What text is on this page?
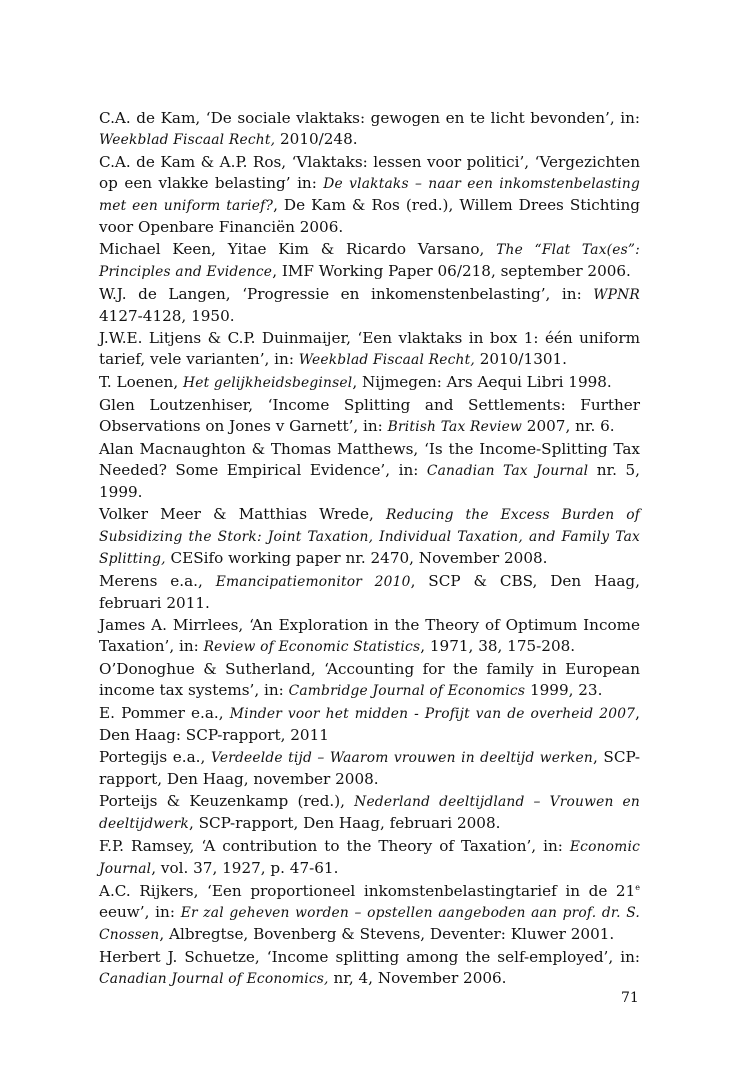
C.A. de Kam, ‘De sociale vlaktaks: gewogen en te licht bevonden’, in: Weekblad Fiscaal Recht, 2010/248.

C.A. de Kam & A.P. Ros, ‘Vlaktaks: lessen voor politici’, ‘Vergezichten op een vlakke belasting’ in: De vlaktaks – naar een inkomstenbelasting met een uniform tarief?, De Kam & Ros (red.), Willem Drees Stichting voor Openbare Financiën 2006.

Michael Keen, Yitae Kim & Ricardo Varsano, The “Flat Tax(es”: Principles and Evidence, IMF Working Paper 06/218, september 2006.

W.J. de Langen, ‘Progressie en inkomenstenbelasting’, in: WPNR 4127-4128, 1950.

J.W.E. Litjens & C.P. Duinmaijer, ‘Een vlaktaks in box 1: één uniform tarief, vele varianten’, in: Weekblad Fiscaal Recht, 2010/1301.

T. Loenen, Het gelijkheidsbeginsel, Nijmegen: Ars Aequi Libri 1998.

Glen Loutzenhiser, ‘Income Splitting and Settlements: Further Observations on Jones v Garnett’, in: British Tax Review 2007, nr. 6.

Alan Macnaughton & Thomas Matthews, ‘Is the Income-Splitting Tax Needed? Some Empirical Evidence’, in: Canadian Tax Journal nr. 5, 1999.

Volker Meer & Matthias Wrede, Reducing the Excess Burden of Subsidizing the Stork: Joint Taxation, Individual Taxation, and Family Tax Splitting, CESifo working paper nr. 2470, November 2008.

Merens e.a., Emancipatiemonitor 2010, SCP & CBS, Den Haag, februari 2011.

James A. Mirrlees, ‘An Exploration in the Theory of Optimum Income Taxation’, in: Review of Economic Statistics, 1971, 38, 175-208.

O’Donoghue & Sutherland, ‘Accounting for the family in European income tax systems’, in: Cambridge Journal of Economics 1999, 23.

E. Pommer e.a., Minder voor het midden - Profijt van de overheid 2007, Den Haag: SCP-rapport, 2011

Portegijs e.a., Verdeelde tijd – Waarom vrouwen in deeltijd werken, SCP-rapport, Den Haag, november 2008.

Porteijs & Keuzenkamp (red.), Nederland deeltijdland – Vrouwen en deeltijdwerk, SCP-rapport, Den Haag, februari 2008.

F.P. Ramsey, ‘A contribution to the Theory of Taxation’, in: Economic Journal, vol. 37, 1927, p. 47-61.

A.C. Rijkers, ‘Een proportioneel inkomstenbelastingtarief in de 21e eeuw’, in: Er zal geheven worden – opstellen aangeboden aan prof. dr. S. Cnossen, Albregtse, Bovenberg & Stevens, Deventer: Kluwer 2001.

Herbert J. Schuetze, ‘Income splitting among the self-employed’, in: Canadian Journal of Economics, nr, 4, November 2006.

71
